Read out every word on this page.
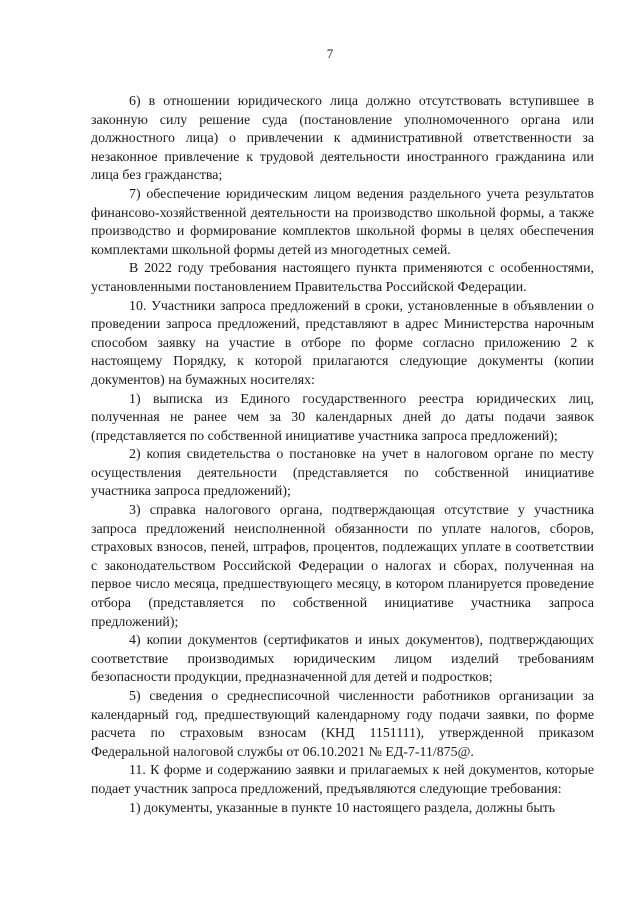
7

6) в отношении юридического лица должно отсутствовать вступившее в законную силу решение суда (постановление уполномоченного органа или должностного лица) о привлечении к административной ответственности за незаконное привлечение к трудовой деятельности иностранного гражданина или лица без гражданства;

7) обеспечение юридическим лицом ведения раздельного учета результатов финансово-хозяйственной деятельности на производство школьной формы, а также производство и формирование комплектов школьной формы в целях обеспечения комплектами школьной формы детей из многодетных семей.

В 2022 году требования настоящего пункта применяются с особенностями, установленными постановлением Правительства Российской Федерации.

10. Участники запроса предложений в сроки, установленные в объявлении о проведении запроса предложений, представляют в адрес Министерства нарочным способом заявку на участие в отборе по форме согласно приложению 2 к настоящему Порядку, к которой прилагаются следующие документы (копии документов) на бумажных носителях:

1) выписка из Единого государственного реестра юридических лиц, полученная не ранее чем за 30 календарных дней до даты подачи заявок (представляется по собственной инициативе участника запроса предложений);

2) копия свидетельства о постановке на учет в налоговом органе по месту осуществления деятельности (представляется по собственной инициативе участника запроса предложений);

3) справка налогового органа, подтверждающая отсутствие у участника запроса предложений неисполненной обязанности по уплате налогов, сборов, страховых взносов, пеней, штрафов, процентов, подлежащих уплате в соответствии с законодательством Российской Федерации о налогах и сборах, полученная на первое число месяца, предшествующего месяцу, в котором планируется проведение отбора (представляется по собственной инициативе участника запроса предложений);

4) копии документов (сертификатов и иных документов), подтверждающих соответствие производимых юридическим лицом изделий требованиям безопасности продукции, предназначенной для детей и подростков;

5) сведения о среднесписочной численности работников организации за календарный год, предшествующий календарному году подачи заявки, по форме расчета по страховым взносам (КНД 1151111), утвержденной приказом Федеральной налоговой службы от 06.10.2021 № ЕД-7-11/875@.

11. К форме и содержанию заявки и прилагаемых к ней документов, которые подает участник запроса предложений, предъявляются следующие требования:

1) документы, указанные в пункте 10 настоящего раздела, должны быть
